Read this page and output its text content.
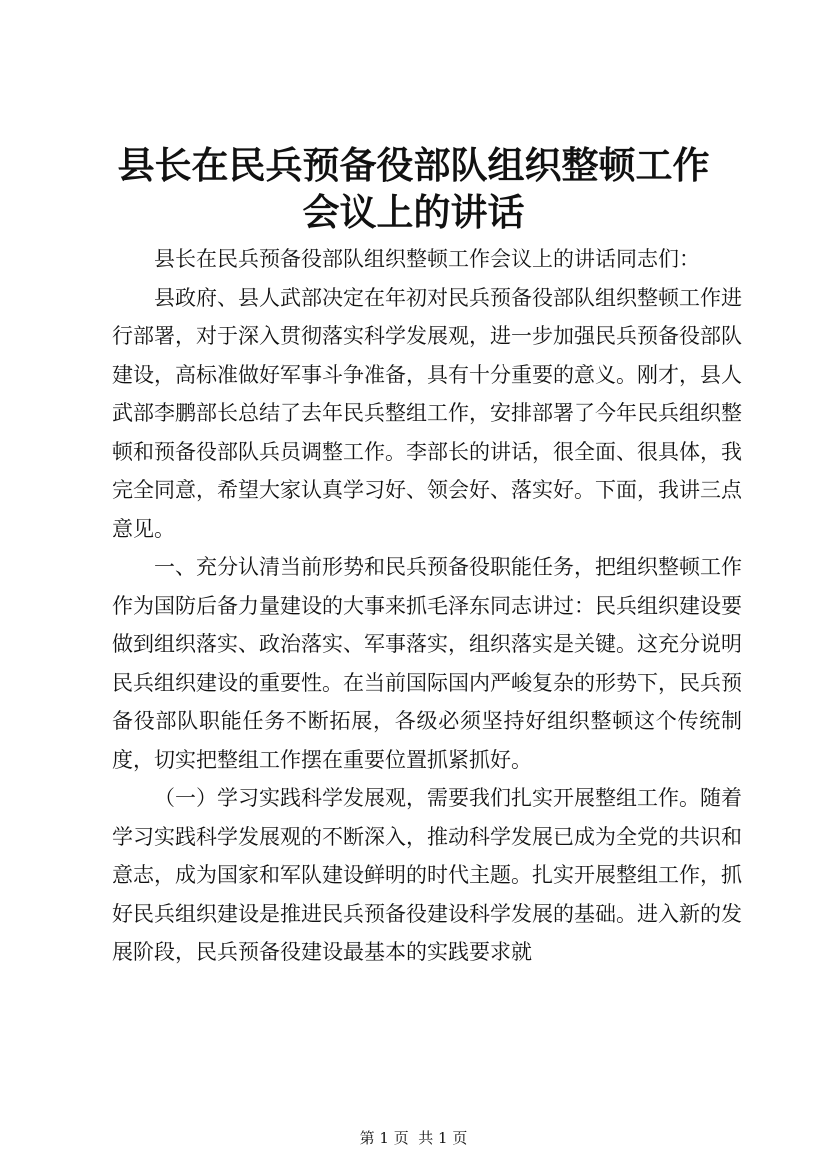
县长在民兵预备役部队组织整顿工作会议上的讲话

县长在民兵预备役部队组织整顿工作会议上的讲话同志们：

县政府、县人武部决定在年初对民兵预备役部队组织整顿工作进行部署，对于深入贯彻落实科学发展观，进一步加强民兵预备役部队建设，高标准做好军事斗争准备，具有十分重要的意义。刚才，县人武部李鹏部长总结了去年民兵整组工作，安排部署了今年民兵组织整顿和预备役部队兵员调整工作。李部长的讲话，很全面、很具体，我完全同意，希望大家认真学习好、领会好、落实好。下面，我讲三点意见。

一、充分认清当前形势和民兵预备役职能任务，把组织整顿工作作为国防后备力量建设的大事来抓毛泽东同志讲过：民兵组织建设要做到组织落实、政治落实、军事落实，组织落实是关键。这充分说明民兵组织建设的重要性。在当前国际国内严峻复杂的形势下，民兵预备役部队职能任务不断拓展，各级必须坚持好组织整顿这个传统制度，切实把整组工作摆在重要位置抓紧抓好。

（一）学习实践科学发展观，需要我们扎实开展整组工作。随着学习实践科学发展观的不断深入，推动科学发展已成为全党的共识和意志，成为国家和军队建设鲜明的时代主题。扎实开展整组工作，抓好民兵组织建设是推进民兵预备役建设科学发展的基础。进入新的发展阶段，民兵预备役建设最基本的实践要求就

第 1 页  共 1 页
